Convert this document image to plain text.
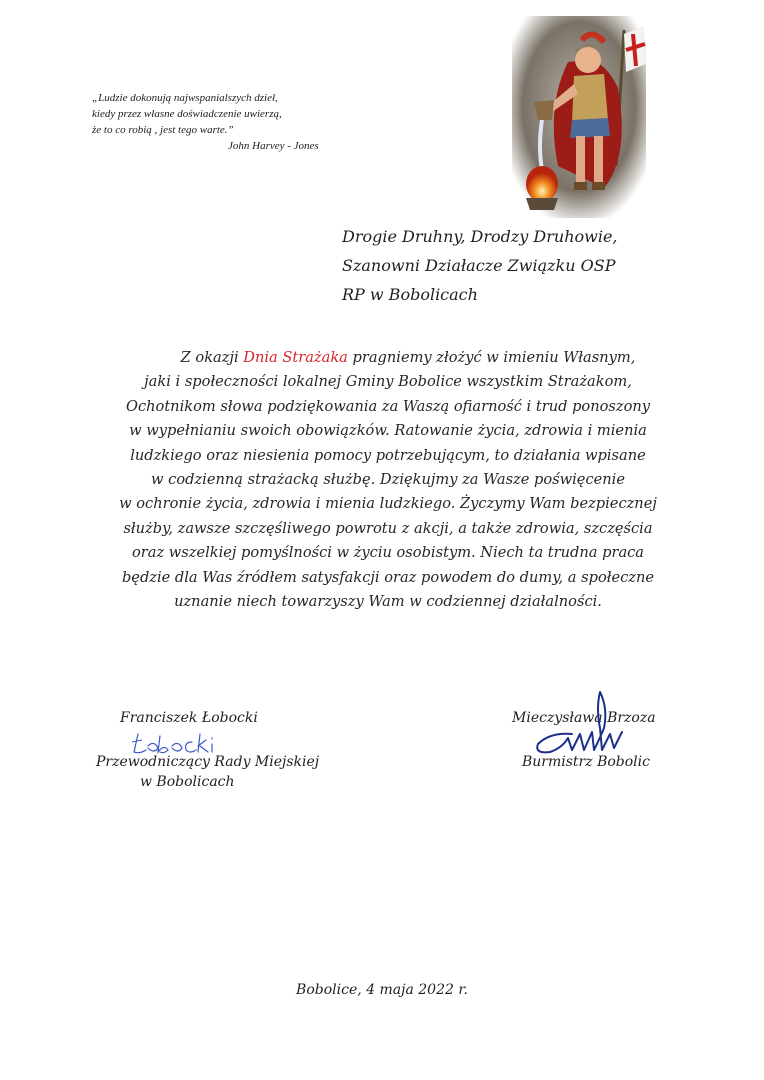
„Ludzie dokonują najwspanialszych dzieł,
kiedy przez własne doświadczenie uwierzą,
że to co robią , jest tego warte.”

John Harvey - Jones
Drogie Druhny, Drodzy Druhowie,
Szanowni Działacze Związku OSP
RP w Bobolicach
Z okazji Dnia Strażaka pragniemy złożyć w imieniu Własnym,
jaki i społeczności lokalnej Gminy Bobolice wszystkim Strażakom,
Ochotnikom słowa podziękowania za Waszą ofiarność i trud ponoszony
w wypełnianiu swoich obowiązków. Ratowanie życia, zdrowia i mienia
ludzkiego oraz niesienia pomocy potrzebującym, to działania wpisane
w codzienną strażacką służbę. Dziękujmy za Wasze poświęcenie
w ochronie życia, zdrowia i mienia ludzkiego. Życzymy Wam bezpiecznej
służby, zawsze szczęśliwego powrotu z akcji, a także zdrowia, szczęścia
oraz wszelkiej pomyślności w życiu osobistym. Niech ta trudna praca
będzie dla Was źródłem satysfakcji oraz powodem do dumy, a społeczne
uznanie niech towarzyszy Wam w codziennej działalności.
Franciszek Łobocki
Przewodniczący Rady Miejskiej
w Bobolicach
Mieczysława Brzoza
Burmistrz Bobolic
Bobolice, 4 maja 2022 r.
